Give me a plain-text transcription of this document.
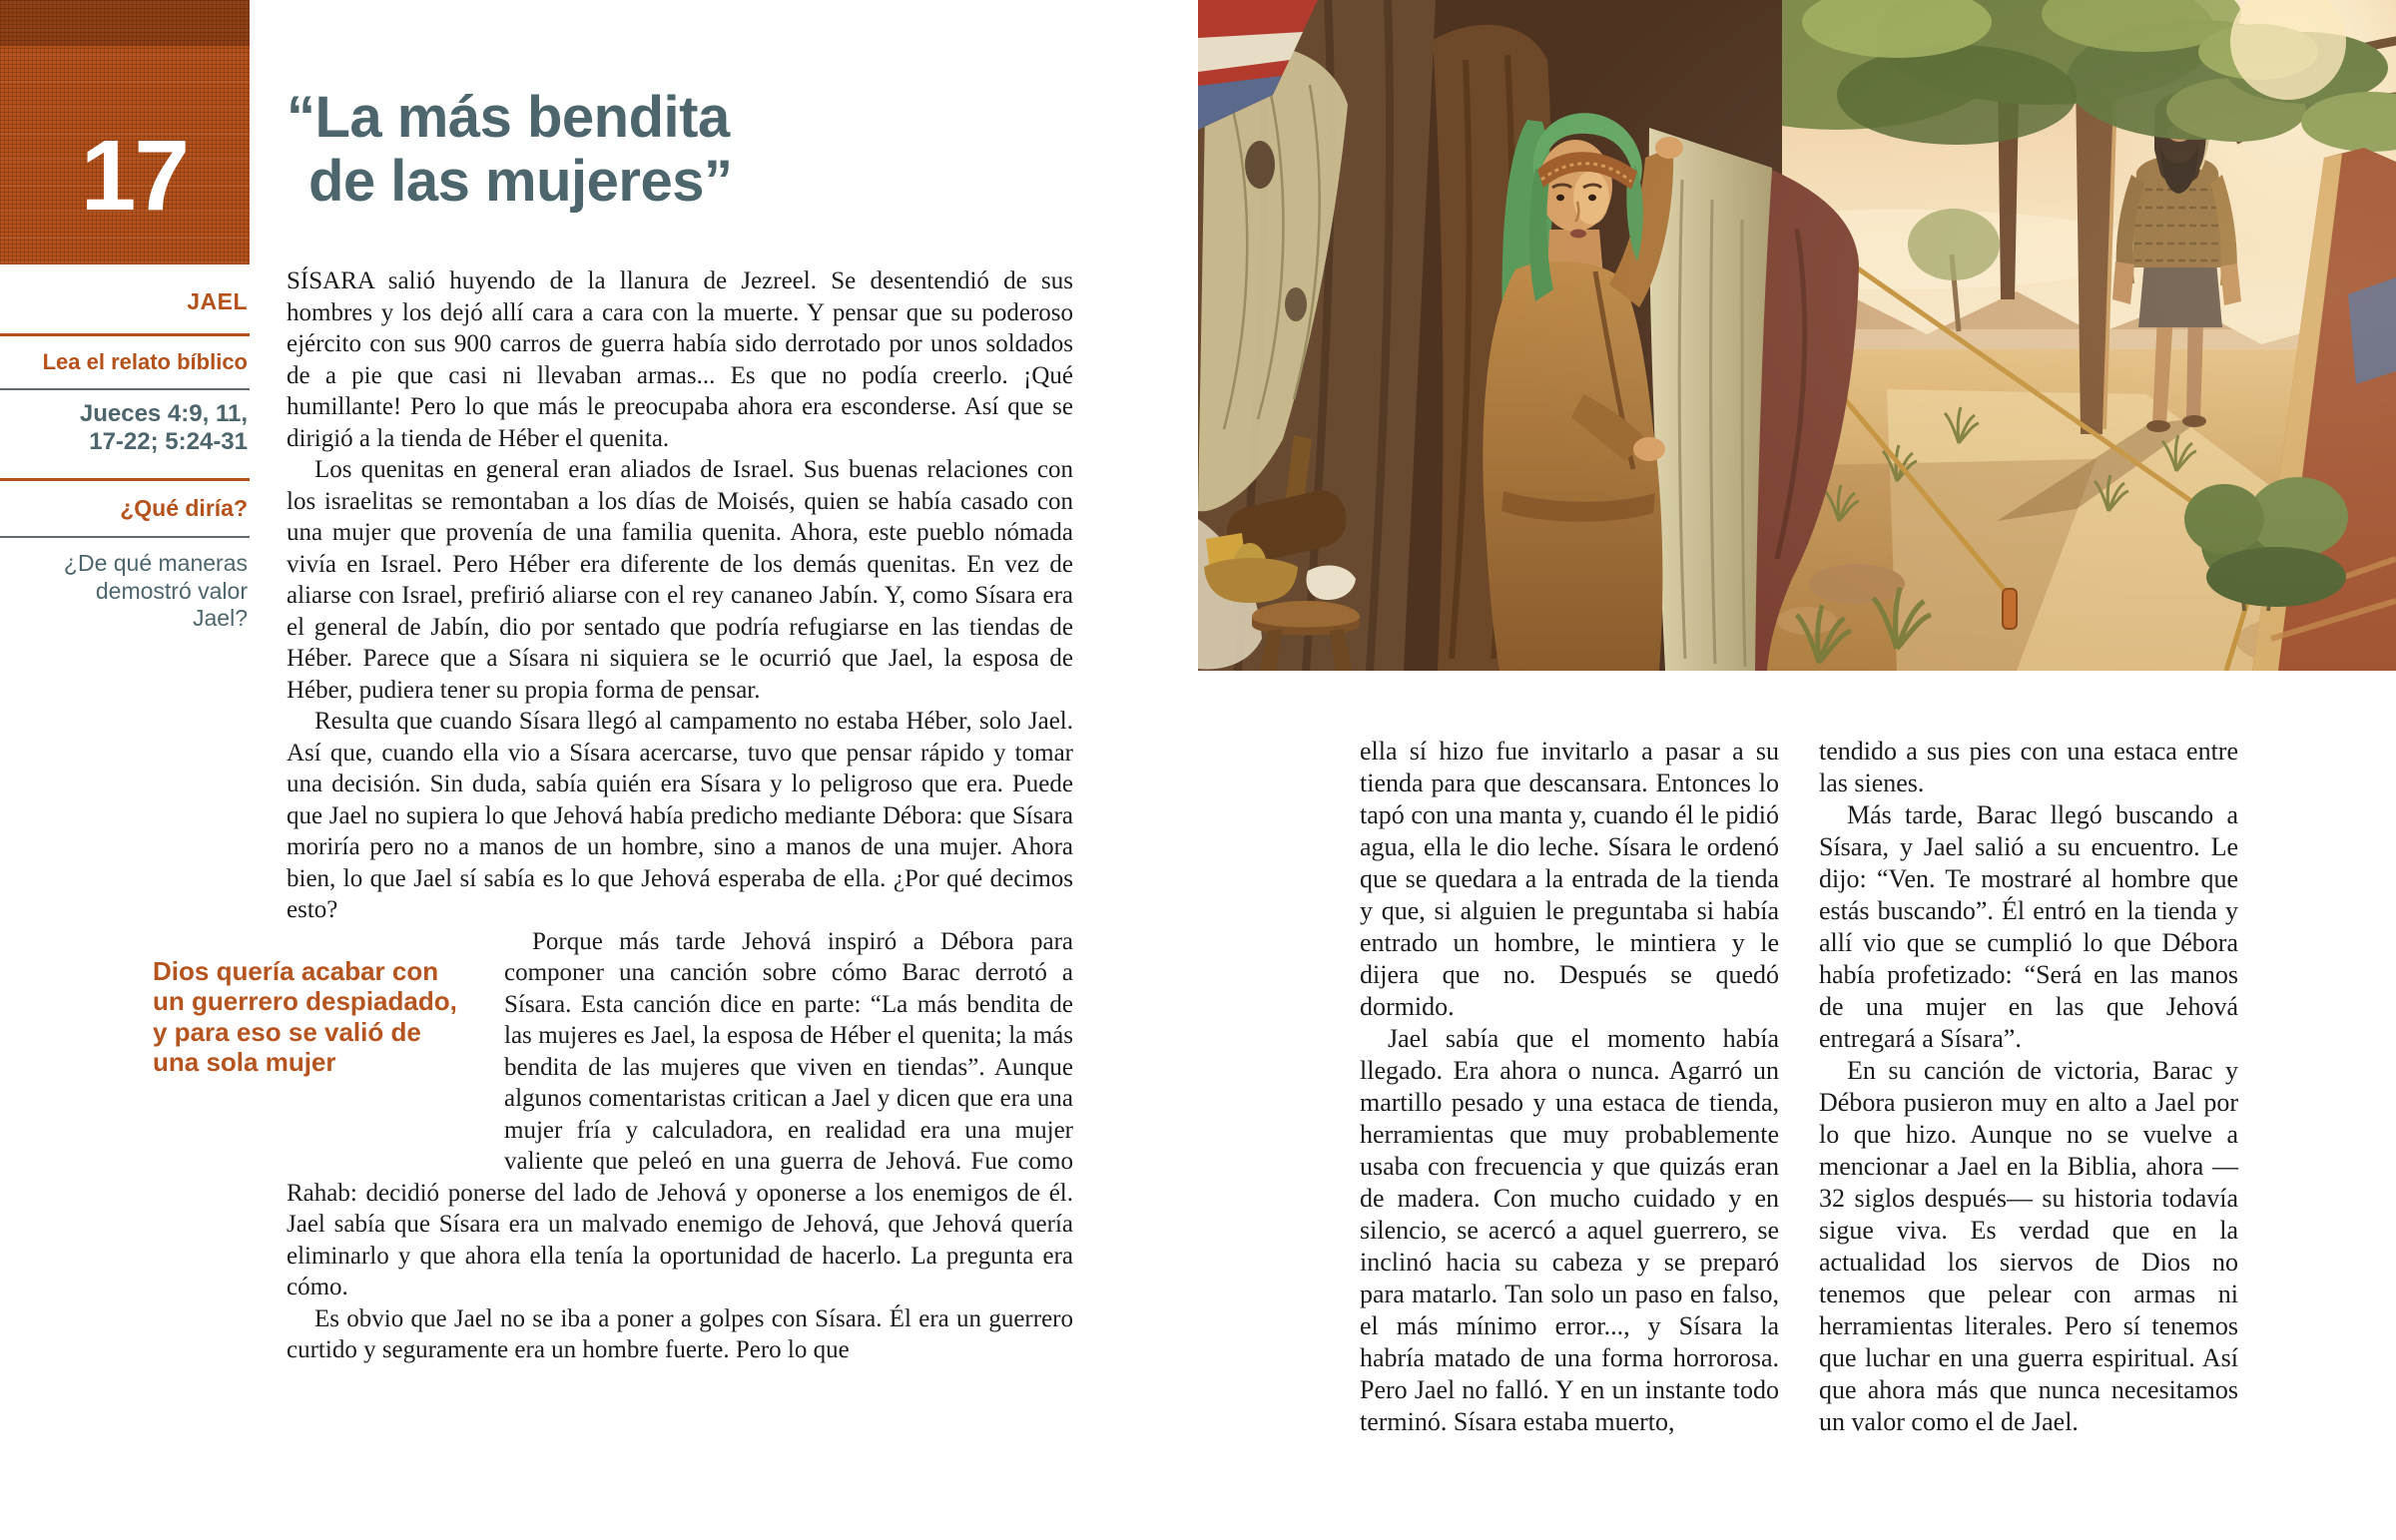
17
JAEL
Lea el relato bíblico
Jueces 4:9, 11,
17-22; 5:24-31
¿Qué diría?
¿De qué maneras demostró valor Jael?
“La más bendita
de las mujeres”

SÍSARA salió huyendo de la llanura de Jezreel. Se desentendió de sus hombres y los dejó allí cara a cara con la muerte. Y pensar que su poderoso ejército con sus 900 carros de guerra había sido derrotado por unos soldados de a pie que casi ni llevaban armas... Es que no podía creerlo. ¡Qué humillante! Pero lo que más le preocupaba ahora era esconderse. Así que se dirigió a la tienda de Héber el quenita.

Los quenitas en general eran aliados de Israel. Sus buenas relaciones con los israelitas se remontaban a los días de Moisés, quien se había casado con una mujer que provenía de una familia quenita. Ahora, este pueblo nómada vivía en Israel. Pero Héber era diferente de los demás quenitas. En vez de aliarse con Israel, prefirió aliarse con el rey cananeo Jabín. Y, como Sísara era el general de Jabín, dio por sentado que podría refugiarse en las tiendas de Héber. Parece que a Sísara ni siquiera se le ocurrió que Jael, la esposa de Héber, pudiera tener su propia forma de pensar.

Resulta que cuando Sísara llegó al campamento no estaba Héber, solo Jael. Así que, cuando ella vio a Sísara acercarse, tuvo que pensar rápido y tomar una decisión. Sin duda, sabía quién era Sísara y lo peligroso que era. Puede que Jael no supiera lo que Jehová había predicho mediante Débora: que Sísara moriría pero no a manos de un hombre, sino a manos de una mujer. Ahora bien, lo que Jael sí sabía es lo que Jehová esperaba de ella. ¿Por qué decimos esto?

Dios quería acabar con un guerrero despiadado, y para eso se valió de una sola mujer
Porque más tarde Jehová inspiró a Débora para componer una canción sobre cómo Barac derrotó a Sísara. Esta canción dice en parte: “La más bendita de las mujeres es Jael, la esposa de Héber el quenita; la más bendita de las mujeres que viven en tiendas”. Aunque algunos comentaristas critican a Jael y dicen que era una mujer fría y calculadora, en realidad era una mujer valiente que peleó en una guerra de Jehová. Fue como Rahab: decidió ponerse del lado de Jehová y oponerse a los enemigos de él. Jael sabía que Sísara era un malvado enemigo de Jehová, que Jehová quería eliminarlo y que ahora ella tenía la oportunidad de hacerlo. La pregunta era cómo.

Es obvio que Jael no se iba a poner a golpes con Sísara. Él era un guerrero curtido y seguramente era un hombre fuerte. Pero lo que

ella sí hizo fue invitarlo a pasar a su tienda para que descansara. Entonces lo tapó con una manta y, cuando él le pidió agua, ella le dio leche. Sísara le ordenó que se quedara a la entrada de la tienda y que, si alguien le preguntaba si había entrado un hombre, le mintiera y le dijera que no. Después se quedó dormido.

Jael sabía que el momento había llegado. Era ahora o nunca. Agarró un martillo pesado y una estaca de tienda, herramientas que muy probablemente usaba con frecuencia y que quizás eran de madera. Con mucho cuidado y en silencio, se acercó a aquel guerrero, se inclinó hacia su cabeza y se preparó para matarlo. Tan solo un paso en falso, el más mínimo error..., y Sísara la habría matado de una forma horrorosa. Pero Jael no falló. Y en un instante todo terminó. Sísara estaba muerto,

tendido a sus pies con una estaca entre las sienes.

Más tarde, Barac llegó buscando a Sísara, y Jael salió a su encuentro. Le dijo: “Ven. Te mostraré al hombre que estás buscando”. Él entró en la tienda y allí vio que se cumplió lo que Débora había profetizado: “Será en las manos de una mujer en las que Jehová entregará a Sísara”.

En su canción de victoria, Barac y Débora pusieron muy en alto a Jael por lo que hizo. Aunque no se vuelve a mencionar a Jael en la Biblia, ahora —32 siglos después— su historia todavía sigue viva. Es verdad que en la actualidad los siervos de Dios no tenemos que pelear con armas ni herramientas literales. Pero sí tenemos que luchar en una guerra espiritual. Así que ahora más que nunca necesitamos un valor como el de Jael.
